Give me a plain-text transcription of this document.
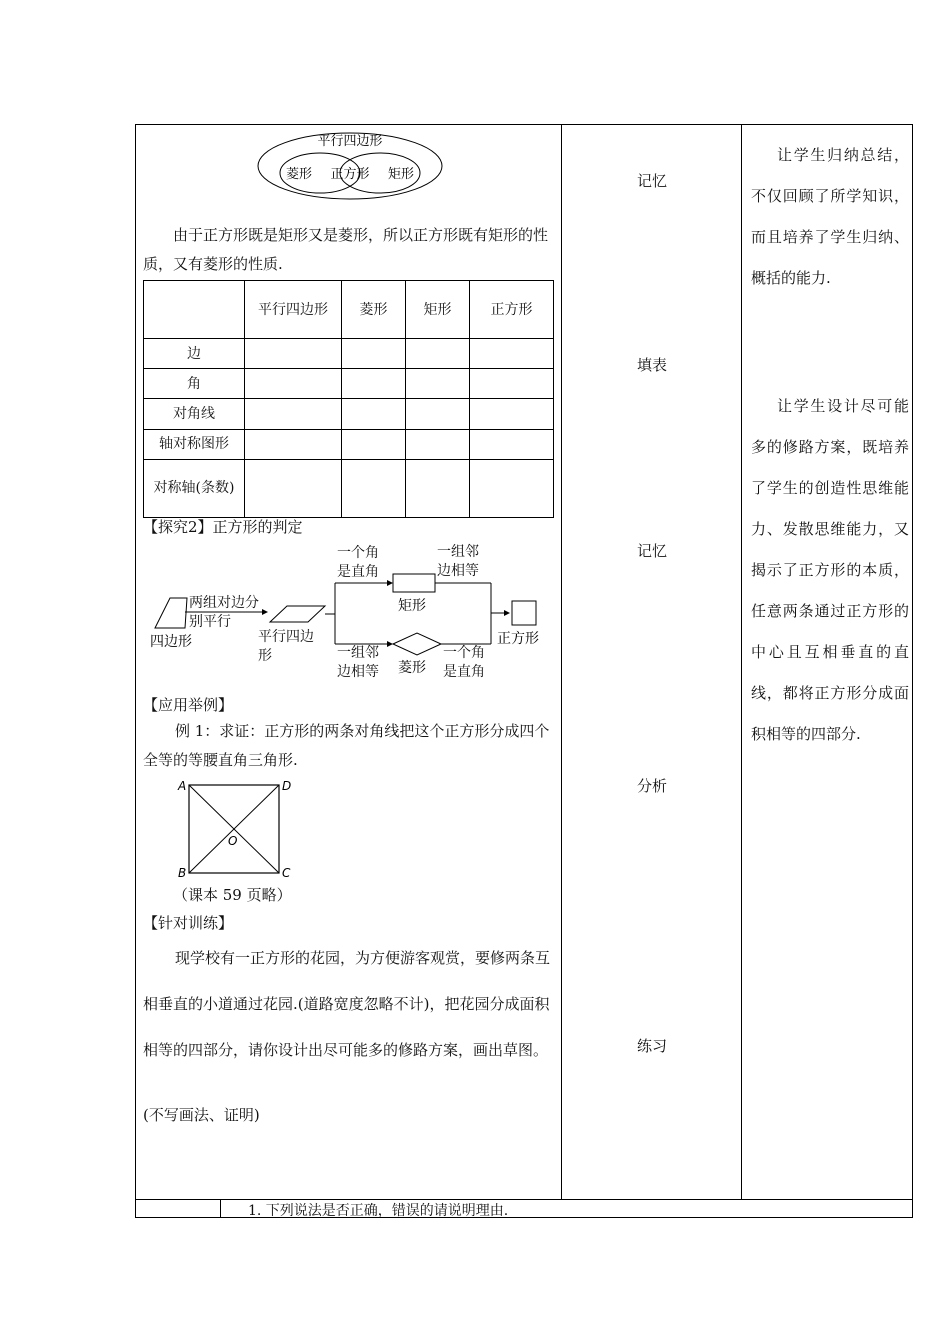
平行四边形
菱形 正方形 矩形
由于正方形既是矩形又是菱形，所以正方形既有矩形的性质，又有菱形的性质.
	平行四边形	菱形	矩形	正方形
边				
角				
对角线				
轴对称图形				
对称轴(条数)				
【探究2】正方形的判定
四边形
两组对边分别平行
平行四边形
一个角是直角
矩形
一组邻边相等
一组邻边相等 菱形
一个角是直角
正方形
【应用举例】
例 1：求证：正方形的两条对角线把这个正方形分成四个全等的等腰直角三角形.
A	D
B	C
O
（课本 59 页略）
【针对训练】
现学校有一正方形的花园，为方便游客观赏，要修两条互相垂直的小道通过花园.(道路宽度忽略不计)，把花园分成面积相等的四部分，请你设计出尽可能多的修路方案，画出草图。
(不写画法、证明)
记忆
填表
记忆
分析
练习
让学生归纳总结，不仅回顾了所学知识，而且培养了学生归纳、概括的能力.
让学生设计尽可能多的修路方案，既培养了学生的创造性思维能力、发散思维能力，又揭示了正方形的本质，任意两条通过正方形的中心且互相垂直的直线，都将正方形分成面积相等的四部分.
1. 下列说法是否正确，错误的请说明理由.
